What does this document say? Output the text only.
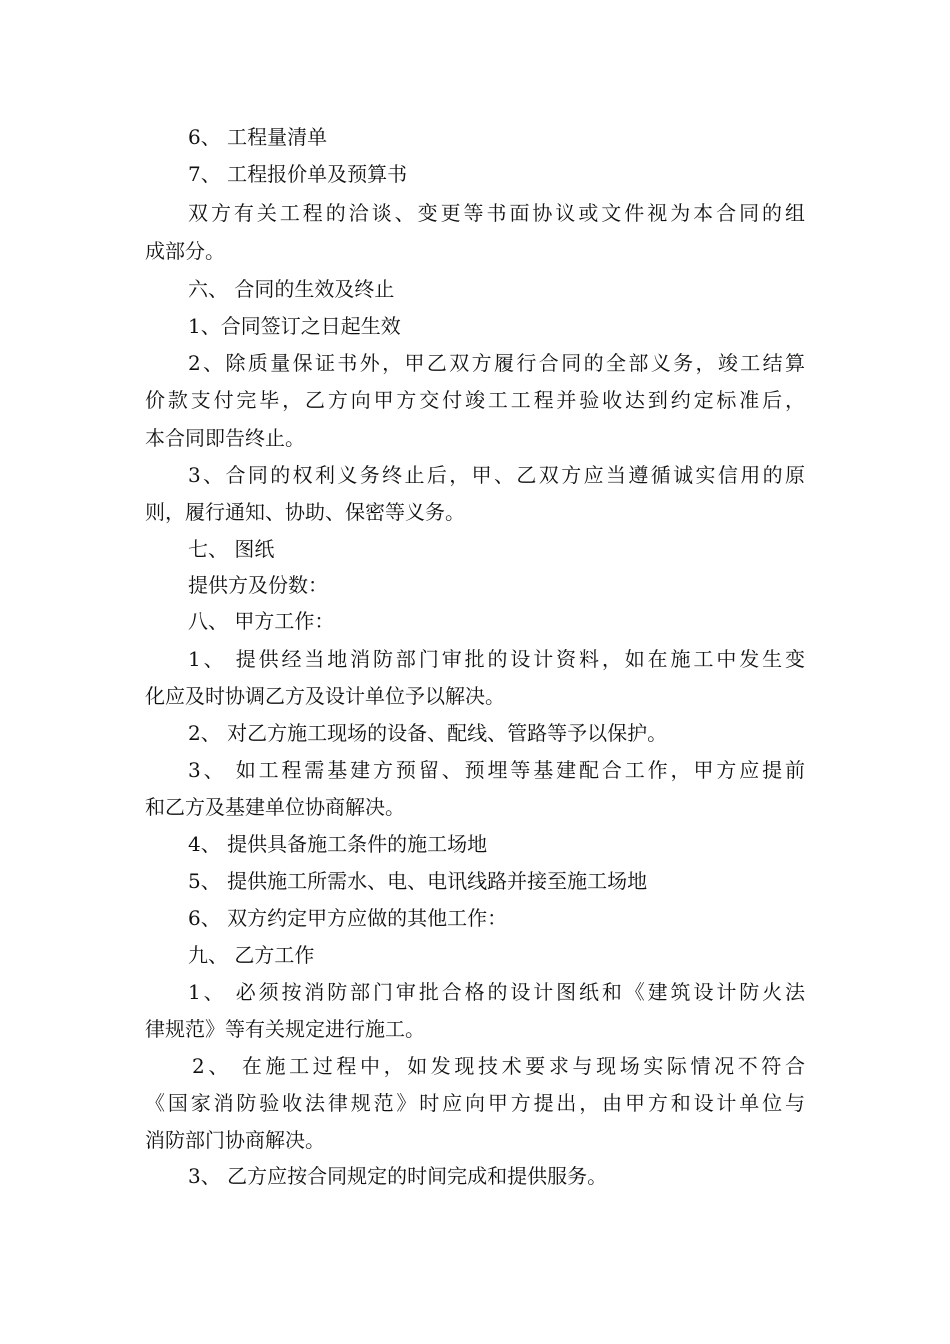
6、 工程量清单

7、 工程报价单及预算书

双方有关工程的洽谈、变更等书面协议或文件视为本合同的组

成部分。

六、 合同的生效及终止

1、合同签订之日起生效

2、除质量保证书外，甲乙双方履行合同的全部义务，竣工结算

价款支付完毕，乙方向甲方交付竣工工程并验收达到约定标准后，

本合同即告终止。

3、合同的权利义务终止后，甲、乙双方应当遵循诚实信用的原

则，履行通知、协助、保密等义务。

七、 图纸

提供方及份数：

八、 甲方工作：

1、 提供经当地消防部门审批的设计资料，如在施工中发生变

化应及时协调乙方及设计单位予以解决。

2、 对乙方施工现场的设备、配线、管路等予以保护。

3、 如工程需基建方预留、预埋等基建配合工作，甲方应提前

和乙方及基建单位协商解决。

4、 提供具备施工条件的施工场地

5、 提供施工所需水、电、电讯线路并接至施工场地

6、 双方约定甲方应做的其他工作：

九、 乙方工作

1、 必须按消防部门审批合格的设计图纸和《建筑设计防火法

律规范》等有关规定进行施工。

2、 在施工过程中，如发现技术要求与现场实际情况不符合

《国家消防验收法律规范》时应向甲方提出，由甲方和设计单位与

消防部门协商解决。

3、 乙方应按合同规定的时间完成和提供服务。
